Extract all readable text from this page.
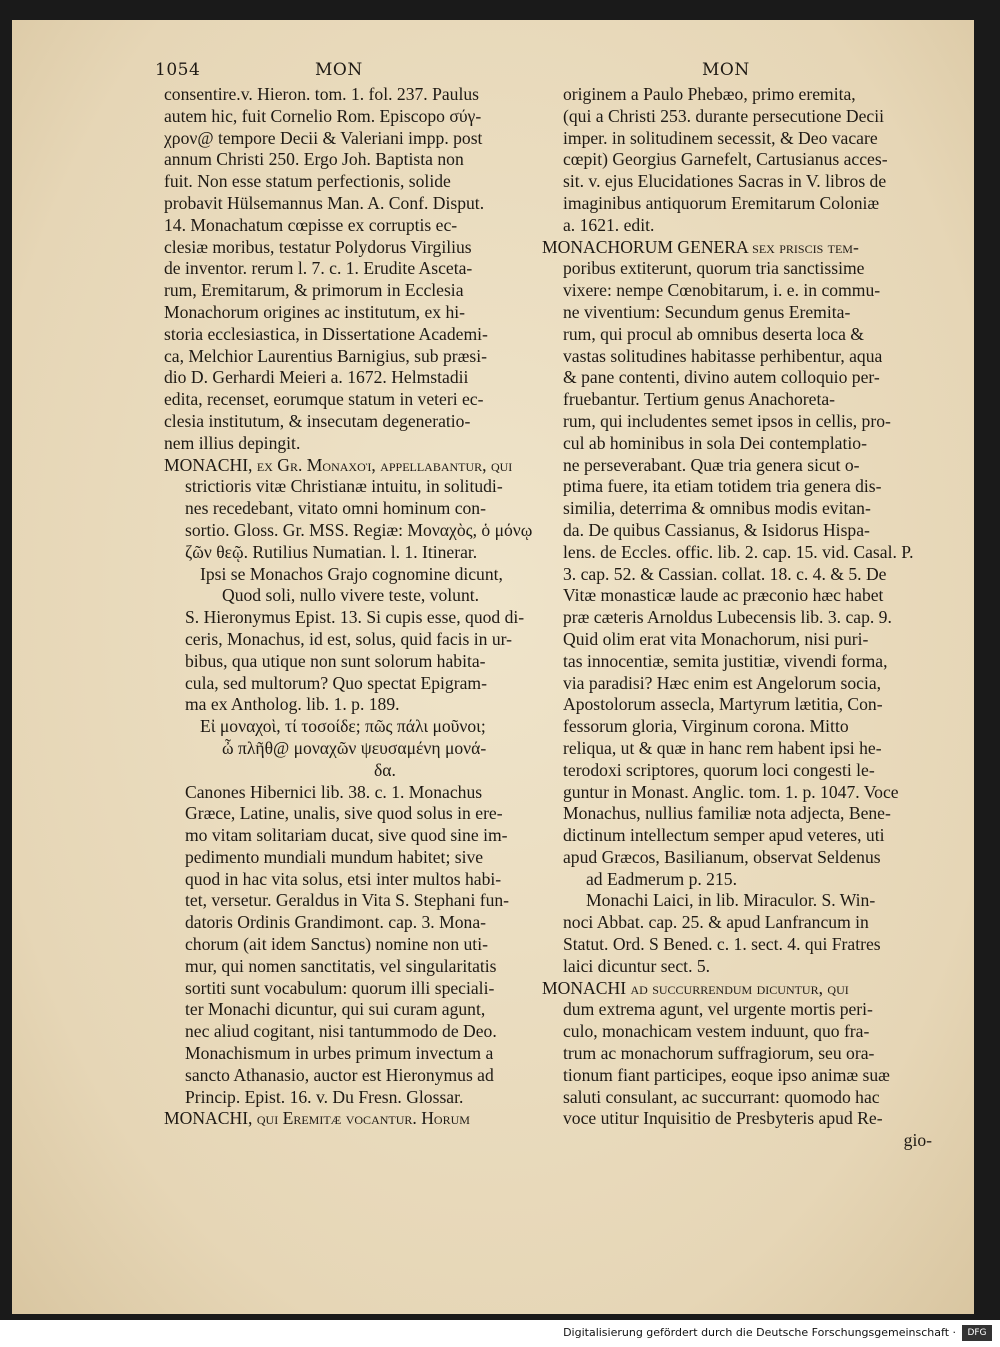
1054	MON	MON

consentire.v. Hieron. tom. 1. fol. 237. Paulus

autem hic, fuit Cornelio Rom. Episcopo σύγ-

χρον@ tempore Decii & Valeriani impp. post

annum Christi 250. Ergo Joh. Baptista non

fuit. Non esse statum perfectionis, solide

probavit Hülsemannus Man. A. Conf. Disput.

14. Monachatum cœpisse ex corruptis ec-

clesiæ moribus, testatur Polydorus Virgilius

de inventor. rerum l. 7. c. 1. Erudite Asceta-

rum, Eremitarum, & primorum in Ecclesia

Monachorum origines ac institutum, ex hi-

storia ecclesiastica, in Dissertatione Academi-

ca, Melchior Laurentius Barnigius, sub præsi-

dio D. Gerhardi Meieri a. 1672. Helmstadii

edita, recenset, eorumque statum in veteri ec-

clesia institutum, & insecutam degeneratio-

nem illius depingit.

MONACHI, ex Gr. Μοναχοὶ, appellabantur, qui

strictioris vitæ Christianæ intuitu, in solitudi-

nes recedebant, vitato omni hominum con-

sortio. Gloss. Gr. MSS. Regiæ: Μοναχὸς, ὁ μόνῳ

ζῶν θεῷ. Rutilius Numatian. l. 1. Itinerar.

Ipsi se Monachos Grajo cognomine dicunt,

Quod soli, nullo vivere teste, volunt.

S. Hieronymus Epist. 13. Si cupis esse, quod di-

ceris, Monachus, id est, solus, quid facis in ur-

bibus, qua utique non sunt solorum habita-

cula, sed multorum? Quo spectat Epigram-

ma ex Antholog. lib. 1. p. 189.

Εἰ μοναχοὶ, τί τοσοίδε; πῶς πάλι μοῦνοι;

ὦ πλῆθ@ μοναχῶν ψευσαμένη μονά-

δα.

Canones Hibernici lib. 38. c. 1. Monachus

Græce, Latine, unalis, sive quod solus in ere-

mo vitam solitariam ducat, sive quod sine im-

pedimento mundiali mundum habitet; sive

quod in hac vita solus, etsi inter multos habi-

tet, versetur. Geraldus in Vita S. Stephani fun-

datoris Ordinis Grandimont. cap. 3. Mona-

chorum (ait idem Sanctus) nomine non uti-

mur, qui nomen sanctitatis, vel singularitatis

sortiti sunt vocabulum: quorum illi speciali-

ter Monachi dicuntur, qui sui curam agunt,

nec aliud cogitant, nisi tantummodo de Deo.

Monachismum in urbes primum invectum a

sancto Athanasio, auctor est Hieronymus ad

Princip. Epist. 16. v. Du Fresn. Glossar.

MONACHI, qui Eremitæ vocantur. Horum

originem a Paulo Phebæo, primo eremita,

(qui a Christi 253. durante persecutione Decii

imper. in solitudinem secessit, & Deo vacare

cœpit) Georgius Garnefelt, Cartusianus acces-

sit. v. ejus Elucidationes Sacras in V. libros de

imaginibus antiquorum Eremitarum Coloniæ

a. 1621. edit.

MONACHORUM GENERA sex priscis tem-

poribus extiterunt, quorum tria sanctissime

vixere: nempe Cœnobitarum, i. e. in commu-

ne viventium: Secundum genus Eremita-

rum, qui procul ab omnibus deserta loca &

vastas solitudines habitasse perhibentur, aqua

& pane contenti, divino autem colloquio per-

fruebantur. Tertium genus Anachoreta-

rum, qui includentes semet ipsos in cellis, pro-

cul ab hominibus in sola Dei contemplatio-

ne perseverabant. Quæ tria genera sicut o-

ptima fuere, ita etiam totidem tria genera dis-

similia, deterrima & omnibus modis evitan-

da. De quibus Cassianus, & Isidorus Hispa-

lens. de Eccles. offic. lib. 2. cap. 15. vid. Casal. P.

3. cap. 52. & Cassian. collat. 18. c. 4. & 5. De

Vitæ monasticæ laude ac præconio hæc habet

præ cæteris Arnoldus Lubecensis lib. 3. cap. 9.

Quid olim erat vita Monachorum, nisi puri-

tas innocentiæ, semita justitiæ, vivendi forma,

via paradisi? Hæc enim est Angelorum socia,

Apostolorum assecla, Martyrum lætitia, Con-

fessorum gloria, Virginum corona. Mitto

reliqua, ut & quæ in hanc rem habent ipsi he-

terodoxi scriptores, quorum loci congesti le-

guntur in Monast. Anglic. tom. 1. p. 1047. Voce

Monachus, nullius familiæ nota adjecta, Bene-

dictinum intellectum semper apud veteres, uti

apud Græcos, Basilianum, observat Seldenus

ad Eadmerum p. 215.

Monachi Laici, in lib. Miraculor. S. Win-

noci Abbat. cap. 25. & apud Lanfrancum in

Statut. Ord. S Bened. c. 1. sect. 4. qui Fratres

laici dicuntur sect. 5.

MONACHI ad succurrendum dicuntur, qui

dum extrema agunt, vel urgente mortis peri-

culo, monachicam vestem induunt, quo fra-

trum ac monachorum suffragiorum, seu ora-

tionum fiant participes, eoque ipso animæ suæ

saluti consulant, ac succurrant: quomodo hac

voce utitur Inquisitio de Presbyteris apud Re-

gio-

Digitalisierung gefördert durch die Deutsche Forschungsgemeinschaft ·	DFG
